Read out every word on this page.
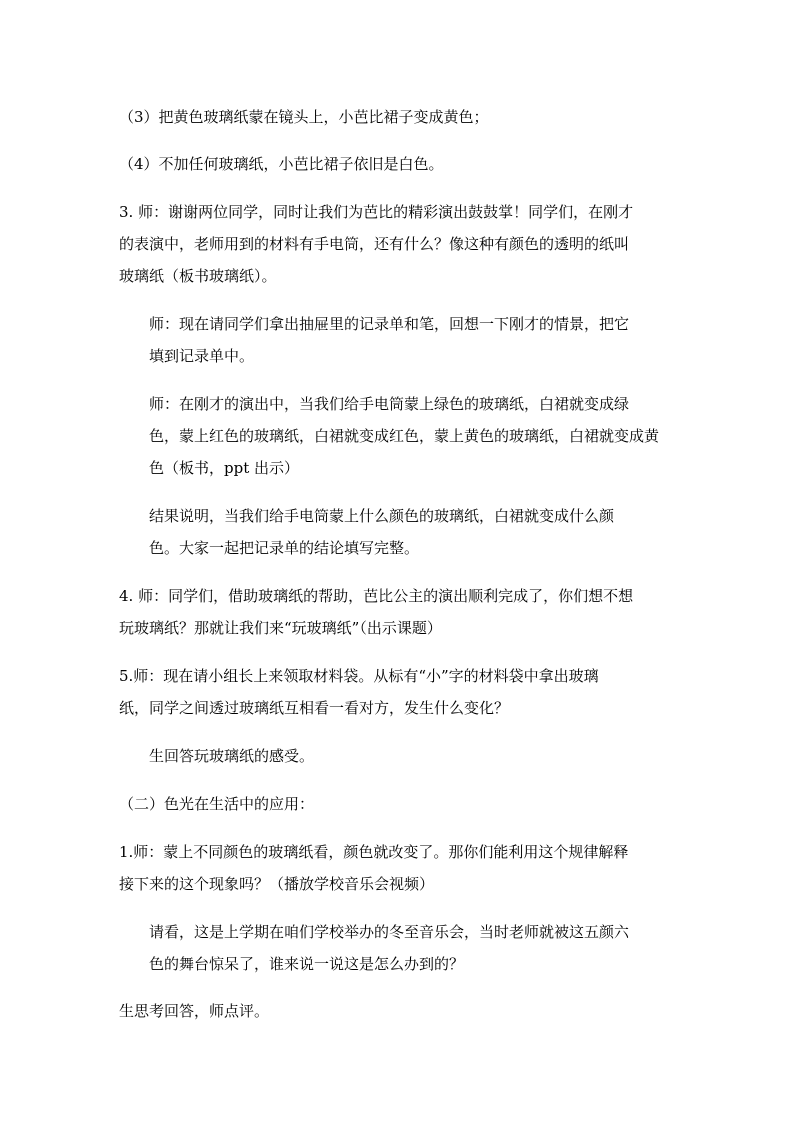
（3）把黄色玻璃纸蒙在镜头上，小芭比裙子变成黄色；

（4）不加任何玻璃纸，小芭比裙子依旧是白色。

3. 师：谢谢两位同学，同时让我们为芭比的精彩演出鼓鼓掌！同学们，在刚才
的表演中，老师用到的材料有手电筒，还有什么？像这种有颜色的透明的纸叫
玻璃纸（板书玻璃纸）。

师：现在请同学们拿出抽屉里的记录单和笔，回想一下刚才的情景，把它
填到记录单中。

师：在刚才的演出中，当我们给手电筒蒙上绿色的玻璃纸，白裙就变成绿
色，蒙上红色的玻璃纸，白裙就变成红色，蒙上黄色的玻璃纸，白裙就变成黄
色（板书，ppt 出示）

结果说明，当我们给手电筒蒙上什么颜色的玻璃纸，白裙就变成什么颜
色。大家一起把记录单的结论填写完整。

4. 师：同学们，借助玻璃纸的帮助，芭比公主的演出顺利完成了，你们想不想
玩玻璃纸？那就让我们来“玩玻璃纸”（出示课题）

5.师：现在请小组长上来领取材料袋。从标有“小”字的材料袋中拿出玻璃
纸，同学之间透过玻璃纸互相看一看对方，发生什么变化？

生回答玩玻璃纸的感受。

（二）色光在生活中的应用：

1.师：蒙上不同颜色的玻璃纸看，颜色就改变了。那你们能利用这个规律解释
接下来的这个现象吗？（播放学校音乐会视频）

请看，这是上学期在咱们学校举办的冬至音乐会，当时老师就被这五颜六
色的舞台惊呆了，谁来说一说这是怎么办到的？

生思考回答，师点评。
